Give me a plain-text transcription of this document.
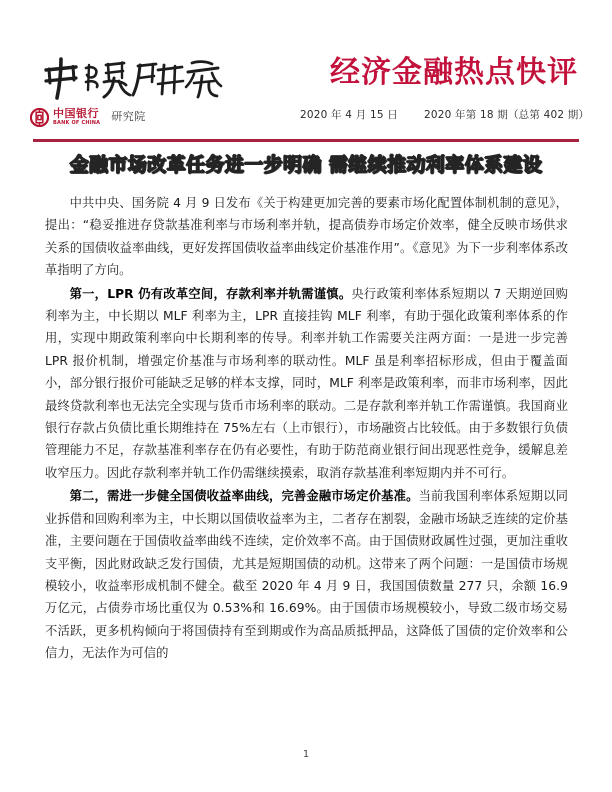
经济金融热点快评
中国银行
BANK OF CHINA 研究院	2020 年 4 月 15 日 2020 年第 18 期（总第 402 期）
金融市场改革任务进一步明确 需继续推动利率体系建设

中共中央、国务院 4 月 9 日发布《关于构建更加完善的要素市场化配置体制机制的意见》，提出：“稳妥推进存贷款基准利率与市场利率并轨，提高债券市场定价效率，健全反映市场供求关系的国债收益率曲线，更好发挥国债收益率曲线定价基准作用”。《意见》为下一步利率体系改革指明了方向。

第一，LPR 仍有改革空间，存款利率并轨需谨慎。央行政策利率体系短期以 7 天期逆回购利率为主，中长期以 MLF 利率为主，LPR 直接挂钩 MLF 利率，有助于强化政策利率体系的作用，实现中期政策利率向中长期利率的传导。利率并轨工作需要关注两方面：一是进一步完善 LPR 报价机制，增强定价基准与市场利率的联动性。MLF 虽是利率招标形成，但由于覆盖面小，部分银行报价可能缺乏足够的样本支撑，同时，MLF 利率是政策利率，而非市场利率，因此最终贷款利率也无法完全实现与货币市场利率的联动。二是存款利率并轨工作需谨慎。我国商业银行存款占负债比重长期维持在 75%左右（上市银行），市场融资占比较低。由于多数银行负债管理能力不足，存款基准利率存在仍有必要性，有助于防范商业银行间出现恶性竞争，缓解息差收窄压力。因此存款利率并轨工作仍需继续摸索，取消存款基准利率短期内并不可行。

第二，需进一步健全国债收益率曲线，完善金融市场定价基准。当前我国利率体系短期以同业拆借和回购利率为主，中长期以国债收益率为主，二者存在割裂，金融市场缺乏连续的定价基准，主要问题在于国债收益率曲线不连续，定价效率不高。由于国债财政属性过强，更加注重收支平衡，因此财政缺乏发行国债，尤其是短期国债的动机。这带来了两个问题：一是国债市场规模较小，收益率形成机制不健全。截至 2020 年 4 月 9 日，我国国债数量 277 只，余额 16.9 万亿元，占债券市场比重仅为 0.53%和 16.69%。由于国债市场规模较小，导致二级市场交易不活跃，更多机构倾向于将国债持有至到期或作为高品质抵押品，这降低了国债的定价效率和公信力，无法作为可信的

1
